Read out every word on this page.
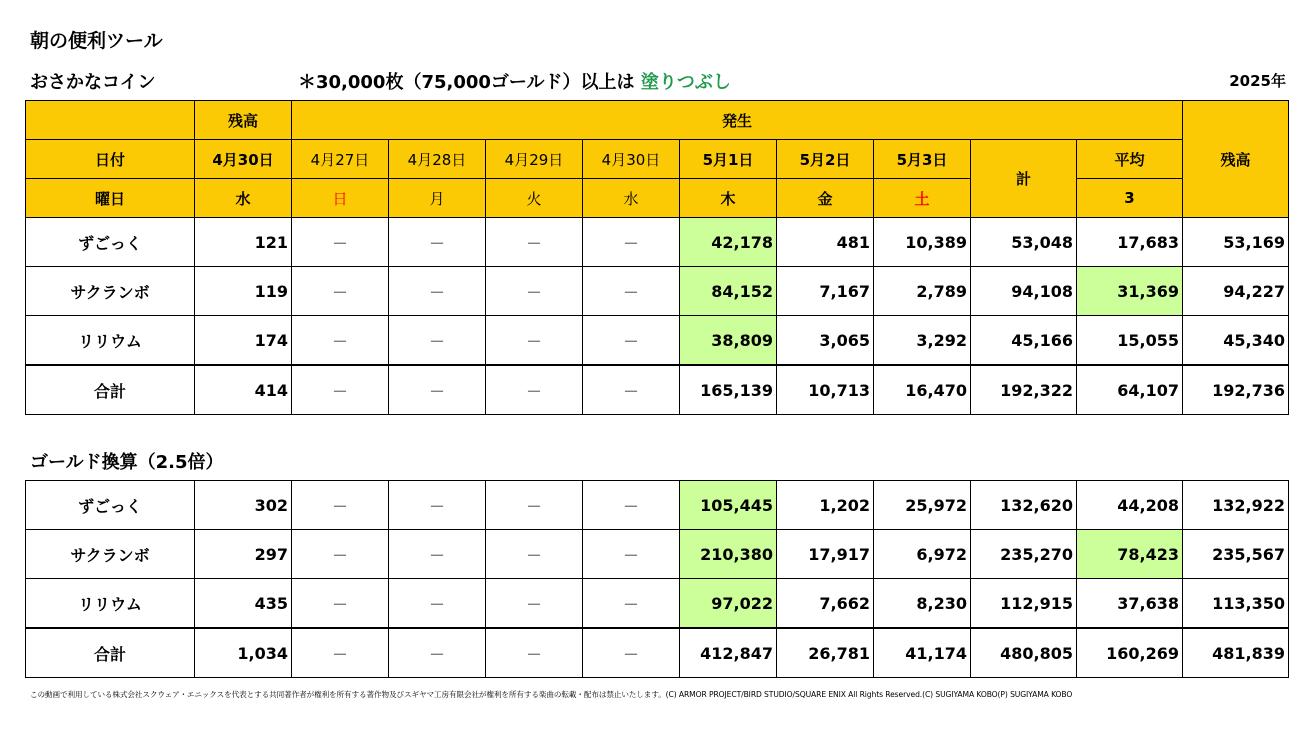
朝の便利ツール
おさかなコイン	＊30,000枚（75,000ゴールド）以上は 塗りつぶし	2025年
	残高	発生									残高
日付	4月30日	4月27日	4月28日	4月29日	4月30日	5月1日	5月2日	5月3日	計	平均	
曜日	水	日	月	火	水	木	金	土		3	
ずごっく	121	－	－	－	－	42,178	481	10,389	53,048	17,683	53,169
サクランボ	119	－	－	－	－	84,152	7,167	2,789	94,108	31,369	94,227
リリウム	174	－	－	－	－	38,809	3,065	3,292	45,166	15,055	45,340
合計	414	－	－	－	－	165,139	10,713	16,470	192,322	64,107	192,736
ゴールド換算（2.5倍）
ずごっく	302	－	－	－	－	105,445	1,202	25,972	132,620	44,208	132,922
サクランボ	297	－	－	－	－	210,380	17,917	6,972	235,270	78,423	235,567
リリウム	435	－	－	－	－	97,022	7,662	8,230	112,915	37,638	113,350
合計	1,034	－	－	－	－	412,847	26,781	41,174	480,805	160,269	481,839
この動画で利用している株式会社スクウェア・エニックスを代表とする共同著作者が権利を所有する著作物及びスギヤマ工房有限会社が権利を所有する楽曲の転載・配布は禁止いたします。(C) ARMOR PROJECT/BIRD STUDIO/SQUARE ENIX All Rights Reserved.(C) SUGIYAMA KOBO(P) SUGIYAMA KOBO
